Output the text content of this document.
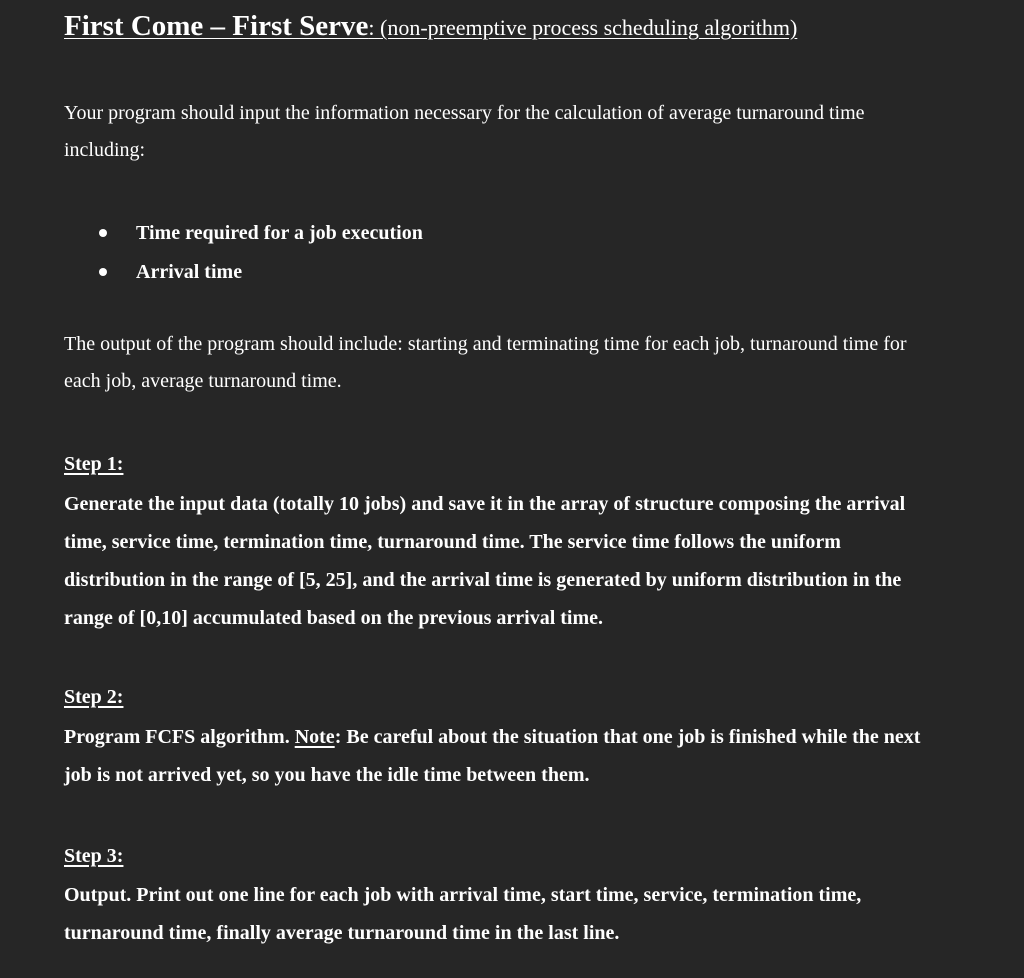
First Come – First Serve: (non-preemptive process scheduling algorithm)

Your program should input the information necessary for the calculation of average turnaround time including:

Time required for a job execution
Arrival time

The output of the program should include: starting and terminating time for each job, turnaround time for each job, average turnaround time.

Step 1:

Generate the input data (totally 10 jobs) and save it in the array of structure composing the arrival time, service time, termination time, turnaround time. The service time follows the uniform distribution in the range of [5, 25], and the arrival time is generated by uniform distribution in the range of [0,10] accumulated based on the previous arrival time.

Step 2:

Program FCFS algorithm. Note: Be careful about the situation that one job is finished while the next job is not arrived yet, so you have the idle time between them.

Step 3:

Output. Print out one line for each job with arrival time, start time, service, termination time, turnaround time, finally average turnaround time in the last line.
